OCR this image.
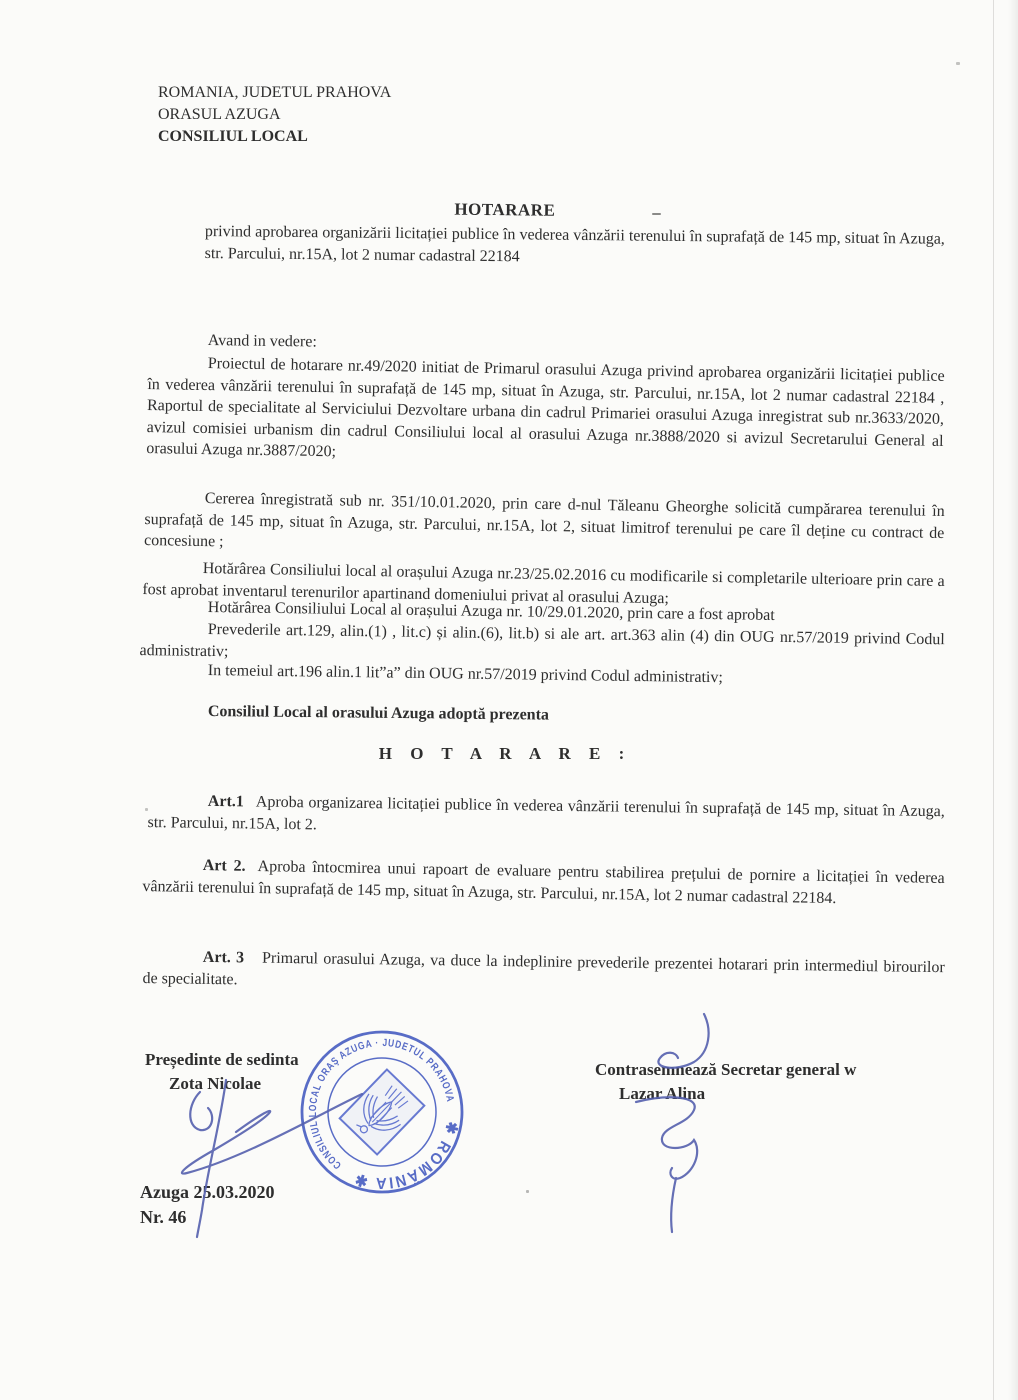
ROMANIA, JUDETUL PRAHOVA

ORASUL AZUGA

CONSILIUL LOCAL

HOTARARE

privind aprobarea organizării licitației publice în vederea vânzării terenului în suprafață de 145 mp, situat în Azuga, str. Parcului, nr.15A, lot 2 numar cadastral 22184

Avand in vedere:

Proiectul de hotarare nr.49/2020 initiat de Primarul orasului Azuga privind aprobarea organizării licitației publice în vederea vânzării terenului în suprafață de 145 mp, situat în Azuga, str. Parcului, nr.15A, lot 2 numar cadastral 22184 , Raportul de specialitate al Serviciului Dezvoltare urbana din cadrul Primariei orasului Azuga inregistrat sub nr.3633/2020, avizul comisiei urbanism din cadrul Consiliului local al orasului Azuga nr.3888/2020 si avizul Secretarului General al orasului Azuga nr.3887/2020;

Cererea înregistrată sub nr. 351/10.01.2020, prin care d-nul Tăleanu Gheorghe solicită cumpărarea terenului în suprafață de 145 mp, situat în Azuga, str. Parcului, nr.15A, lot 2, situat limitrof terenului pe care îl deține cu contract de concesiune ;

Hotărârea Consiliului local al orașului Azuga nr.23/25.02.2016 cu modificarile si completarile ulterioare prin care a fost aprobat inventarul terenurilor apartinand domeniului privat al orasului Azuga;

Hotărârea Consiliului Local al orașului Azuga nr. 10/29.01.2020, prin care a fost aprobat

Prevederile art.129, alin.(1) , lit.c) și alin.(6), lit.b) si ale art. art.363 alin (4) din OUG nr.57/2019 privind Codul administrativ;

In temeiul art.196 alin.1 lit”a” din OUG nr.57/2019 privind Codul administrativ;

Consiliul Local al orasului Azuga adoptă prezenta

H O T A R A R E :

Art.1 Aproba organizarea licitației publice în vederea vânzării terenului în suprafață de 145 mp, situat în Azuga, str. Parcului, nr.15A, lot 2.

Art 2. Aproba întocmirea unui rapoart de evaluare pentru stabilirea prețului de pornire a licitației în vederea vânzării terenului în suprafață de 145 mp, situat în Azuga, str. Parcului, nr.15A, lot 2 numar cadastral 22184.

Art. 3 Primarul orasului Azuga, va duce la indeplinire prevederile prezentei hotarari prin intermediul birourilor de specialitate.

Președinte de sedinta

Zota Nicolae

Contrasemnează Secretar general w

Lazar Alina

Azuga 25.03.2020

Nr. 46

✱ ROMÂNIA ✱
CONSILIUL LOCAL ORAŞ AZUGA · JUDETUL PRAHOVA
